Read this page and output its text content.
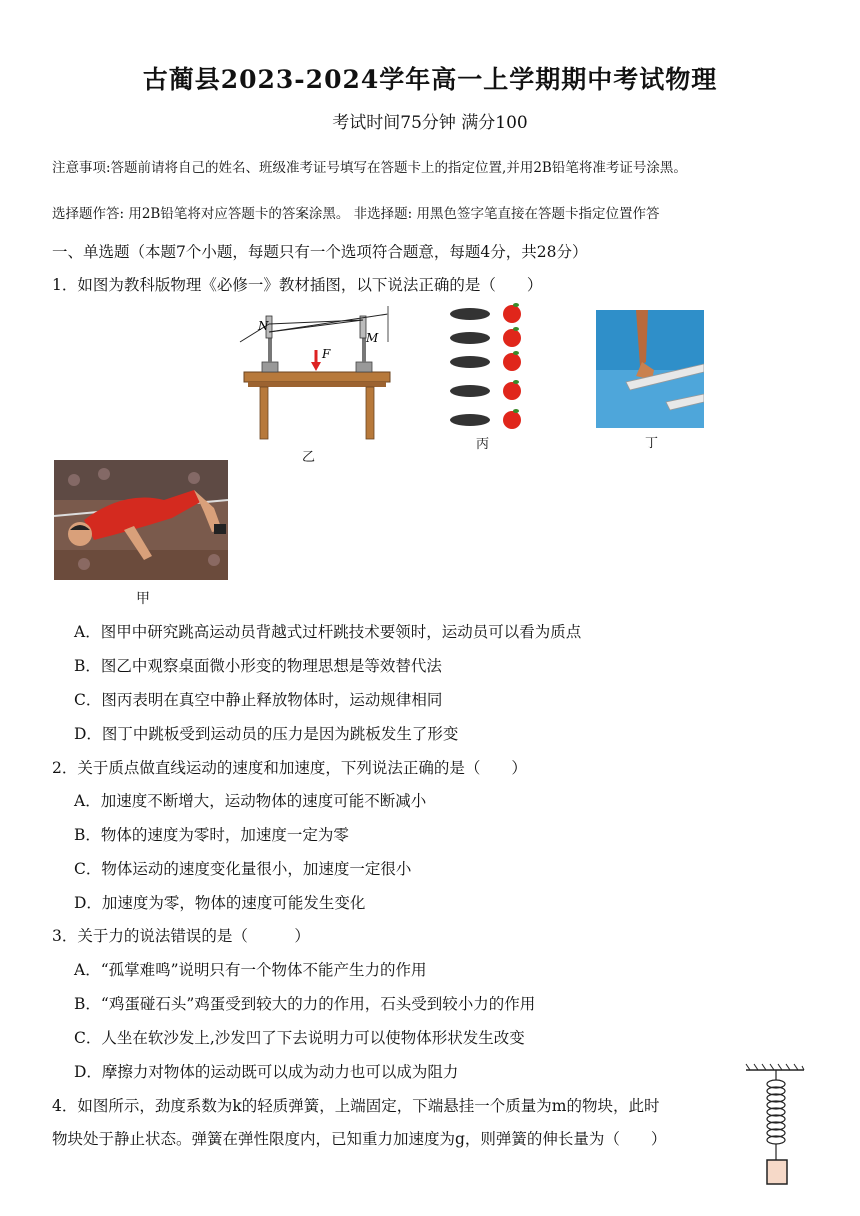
古蔺县2023-2024学年高一上学期期中考试物理
考试时间75分钟 满分100
注意事项:答题前请将自己的姓名、班级准考证号填写在答题卡上的指定位置,并用2B铅笔将准考证号涂黑。
选择题作答: 用2B铅笔将对应答题卡的答案涂黑。 非选择题: 用黑色签字笔直接在答题卡指定位置作答
一、单选题（本题7个小题，每题只有一个选项符合题意，每题4分，共28分）
1．如图为教科版物理《必修一》教材插图，以下说法正确的是（　　）
N
M
F
乙
丙	丁
甲
A．图甲中研究跳高运动员背越式过杆跳技术要领时，运动员可以看为质点
B．图乙中观察桌面微小形变的物理思想是等效替代法
C．图丙表明在真空中静止释放物体时，运动规律相同
D．图丁中跳板受到运动员的压力是因为跳板发生了形变
2．关于质点做直线运动的速度和加速度，下列说法正确的是（　　）
A．加速度不断增大，运动物体的速度可能不断减小
B．物体的速度为零时，加速度一定为零
C．物体运动的速度变化量很小，加速度一定很小
D．加速度为零，物体的速度可能发生变化
3．关于力的说法错误的是（　　　）
A．“孤掌难鸣”说明只有一个物体不能产生力的作用
B．“鸡蛋碰石头”鸡蛋受到较大的力的作用，石头受到较小力的作用
C．人坐在软沙发上,沙发凹了下去说明力可以使物体形状发生改变
D．摩擦力对物体的运动既可以成为动力也可以成为阻力
4．如图所示，劲度系数为k的轻质弹簧，上端固定，下端悬挂一个质量为m的物块，此时
物块处于静止状态。弹簧在弹性限度内，已知重力加速度为g，则弹簧的伸长量为（　　）
